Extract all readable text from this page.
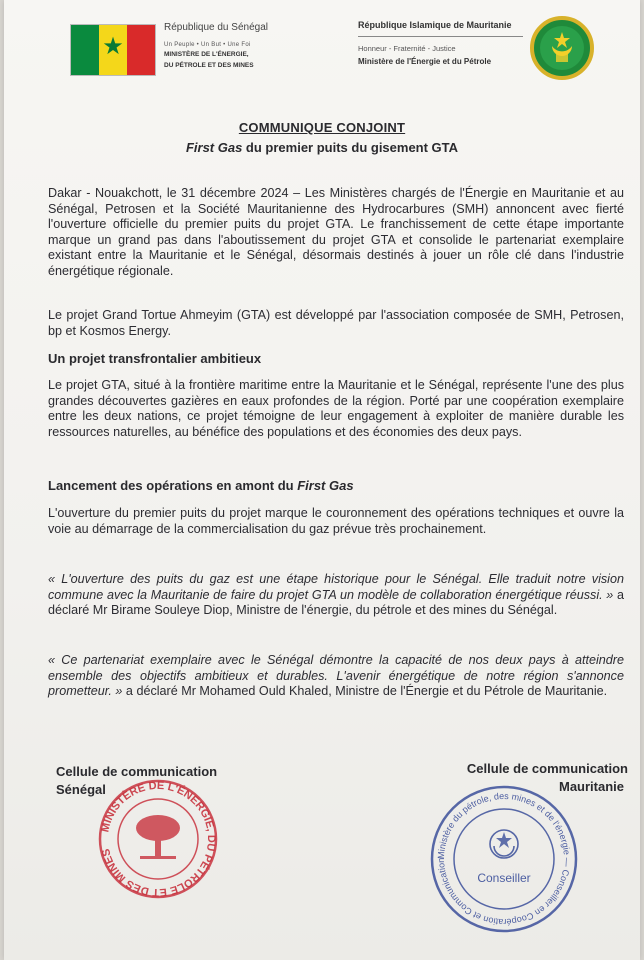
★
République du Sénégal
Un Peuple • Un But • Une Foi
MINISTÈRE DE L'ÉNERGIE,
DU PÉTROLE ET DES MINES
République Islamique de Mauritanie
Honneur - Fraternité - Justice
Ministère de l'Énergie et du Pétrole
COMMUNIQUE CONJOINT
First Gas du premier puits du gisement GTA

Dakar - Nouakchott, le 31 décembre 2024 – Les Ministères chargés de l'Énergie en Mauritanie et au Sénégal, Petrosen et la Société Mauritanienne des Hydrocarbures (SMH) annoncent avec fierté l'ouverture officielle du premier puits du projet GTA. Le franchissement de cette étape importante marque un grand pas dans l'aboutissement du projet GTA et consolide le partenariat exemplaire existant entre la Mauritanie et le Sénégal, désormais destinés à jouer un rôle clé dans l'industrie énergétique régionale.

Le projet Grand Tortue Ahmeyim (GTA) est développé par l'association composée de SMH, Petrosen, bp et Kosmos Energy.

Un projet transfrontalier ambitieux

Le projet GTA, situé à la frontière maritime entre la Mauritanie et le Sénégal, représente l'une des plus grandes découvertes gazières en eaux profondes de la région. Porté par une coopération exemplaire entre les deux nations, ce projet témoigne de leur engagement à exploiter de manière durable les ressources naturelles, au bénéfice des populations et des économies des deux pays.

Lancement des opérations en amont du First Gas

L'ouverture du premier puits du projet marque le couronnement des opérations techniques et ouvre la voie au démarrage de la commercialisation du gaz prévue très prochainement.

« L'ouverture des puits du gaz est une étape historique pour le Sénégal. Elle traduit notre vision commune avec la Mauritanie de faire du projet GTA un modèle de collaboration énergétique réussi. » a déclaré Mr Birame Souleye Diop, Ministre de l'énergie, du pétrole et des mines du Sénégal.

« Ce partenariat exemplaire avec le Sénégal démontre la capacité de nos deux pays à atteindre ensemble des objectifs ambitieux et durables. L'avenir énergétique de notre région s'annonce prometteur. » a déclaré Mr Mohamed Ould Khaled, Ministre de l'Énergie et du Pétrole de Mauritanie.

Cellule de communication
Sénégal
Cellule de communication
Mauritanie
MINISTÈRE DE L'ÉNERGIE, DU PÉTROLE ET DES MINES	Ministère du pétrole, des mines et de l'énergie — Conseiller en Coopération et Communication
Conseiller
